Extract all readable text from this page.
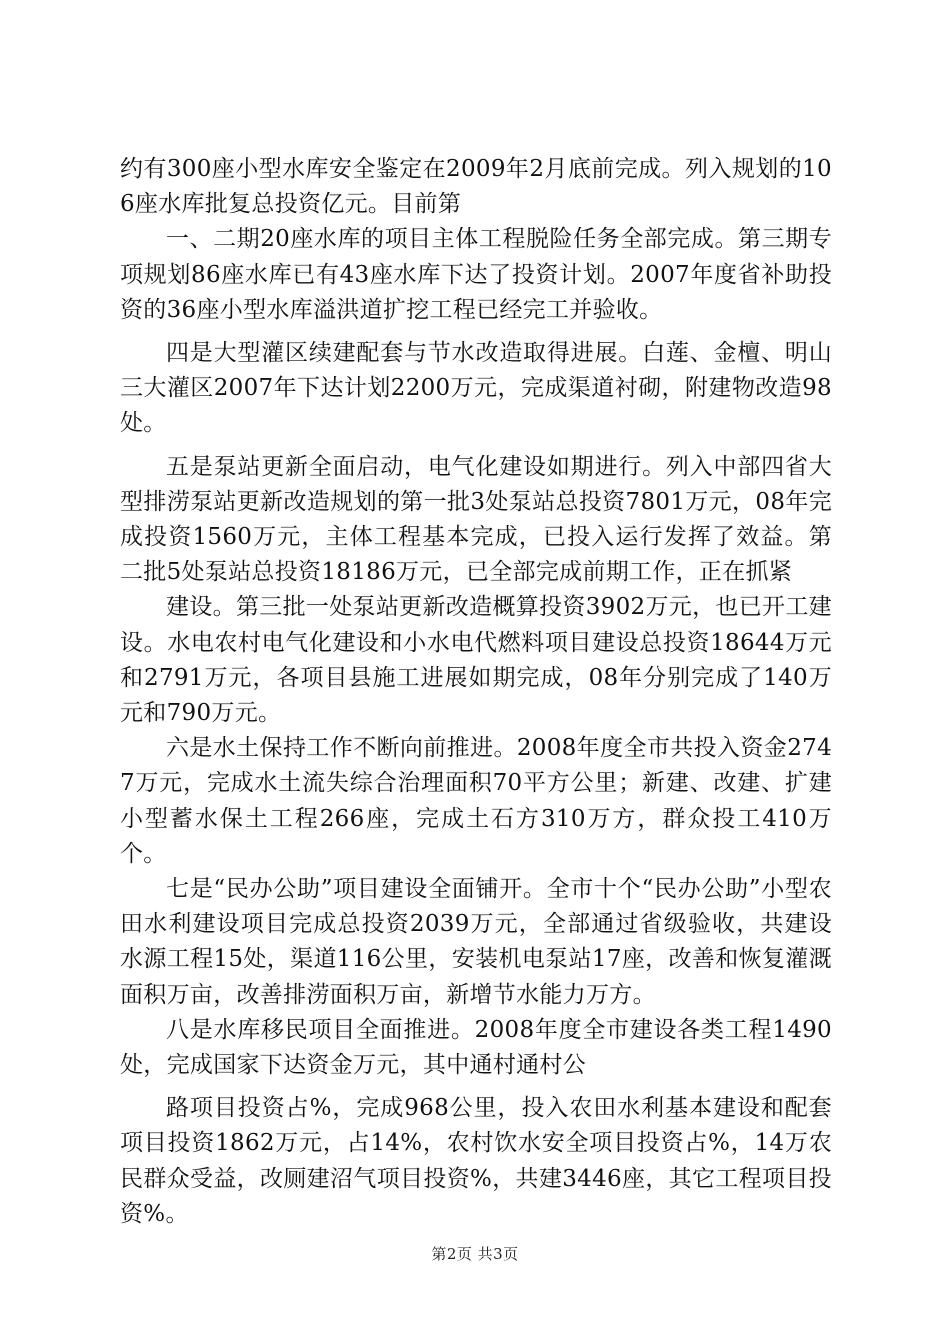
约有300座小型水库安全鉴定在2009年2月底前完成。列入规划的106座水库批复总投资亿元。目前第

一、二期20座水库的项目主体工程脱险任务全部完成。第三期专项规划86座水库已有43座水库下达了投资计划。2007年度省补助投资的36座小型水库溢洪道扩挖工程已经完工并验收。

四是大型灌区续建配套与节水改造取得进展。白莲、金檀、明山三大灌区2007年下达计划2200万元，完成渠道衬砌，附建物改造98处。

五是泵站更新全面启动，电气化建设如期进行。列入中部四省大型排涝泵站更新改造规划的第一批3处泵站总投资7801万元，08年完成投资1560万元，主体工程基本完成，已投入运行发挥了效益。第二批5处泵站总投资18186万元，已全部完成前期工作，正在抓紧

建设。第三批一处泵站更新改造概算投资3902万元，也已开工建设。水电农村电气化建设和小水电代燃料项目建设总投资18644万元和2791万元，各项目县施工进展如期完成，08年分别完成了140万元和790万元。

六是水土保持工作不断向前推进。2008年度全市共投入资金2747万元，完成水土流失综合治理面积70平方公里；新建、改建、扩建小型蓄水保土工程266座，完成土石方310万方，群众投工410万个。

七是“民办公助”项目建设全面铺开。全市十个“民办公助”小型农田水利建设项目完成总投资2039万元，全部通过省级验收，共建设水源工程15处，渠道116公里，安装机电泵站17座，改善和恢复灌溉面积万亩，改善排涝面积万亩，新增节水能力万方。

八是水库移民项目全面推进。2008年度全市建设各类工程1490处，完成国家下达资金万元，其中通村通村公

路项目投资占%，完成968公里，投入农田水利基本建设和配套项目投资1862万元，占14%，农村饮水安全项目投资占%，14万农民群众受益，改厕建沼气项目投资%，共建3446座，其它工程项目投资%。

第2页 共3页
